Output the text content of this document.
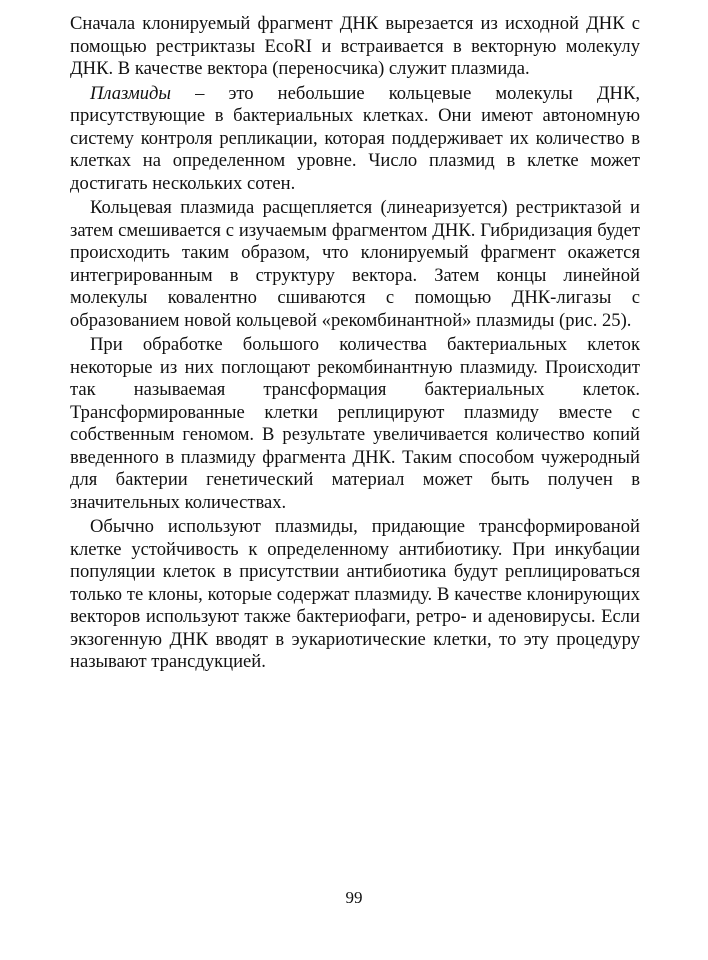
Сначала клонируемый фрагмент ДНК вырезается из исходной ДНК с помощью рестриктазы EcoRI и встраивается в векторную молекулу ДНК. В качестве вектора (переносчика) служит плазмида.

Плазмиды – это небольшие кольцевые молекулы ДНК, присутствующие в бактериальных клетках. Они имеют автономную систему контроля репликации, которая поддерживает их количество в клетках на определенном уровне. Число плазмид в клетке может достигать нескольких сотен.

Кольцевая плазмида расщепляется (линеаризуется) рестриктазой и затем смешивается с изучаемым фрагментом ДНК. Гибридизация будет происходить таким образом, что клонируемый фрагмент окажется интегрированным в структуру вектора. Затем концы линейной молекулы ковалентно сшиваются с помощью ДНК-лигазы с образованием новой кольцевой «рекомбинантной» плазмиды (рис. 25).

При обработке большого количества бактериальных клеток некоторые из них поглощают рекомбинантную плазмиду. Происходит так называемая трансформация бактериальных клеток. Трансформированные клетки реплицируют плазмиду вместе с собственным геномом. В результате увеличивается количество копий введенного в плазмиду фрагмента ДНК. Таким способом чужеродный для бактерии генетический материал может быть получен в значительных количествах.

Обычно используют плазмиды, придающие трансформированой клетке устойчивость к определенному антибиотику. При инкубации популяции клеток в присутствии антибиотика будут реплицироваться только те клоны, которые содержат плазмиду. В качестве клонирующих векторов используют также бактериофаги, ретро- и аденовирусы. Если экзогенную ДНК вводят в эукариотические клетки, то эту процедуру называют трансдукцией.

99
